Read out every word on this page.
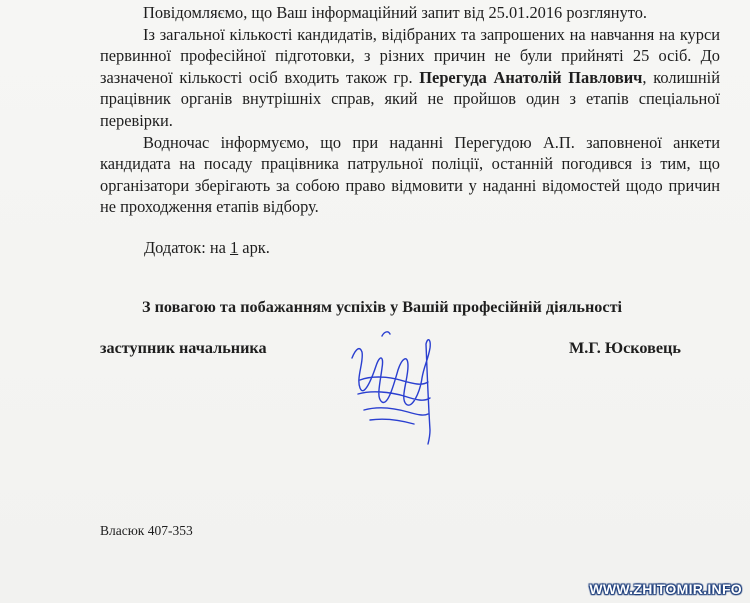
Повідомляємо, що Ваш інформаційний запит від 25.01.2016 розглянуто.

Із загальної кількості кандидатів, відібраних та запрошених на навчання на курси первинної професійної підготовки, з різних причин не були прийняті 25 осіб. До зазначеної кількості осіб входить також гр. Перегуда Анатолій Павлович, колишній працівник органів внутрішніх справ, який не пройшов один з етапів спеціальної перевірки.

Водночас інформуємо, що при наданні Перегудою А.П. заповненої анкети кандидата на посаду працівника патрульної поліції, останній погодився із тим, що організатори зберігають за собою право відмовити у наданні відомостей щодо причин не проходження етапів відбору.

Додаток: на 1 арк.
З повагою та побажанням успіхів у Вашій професійній діяльності
заступник начальника	М.Г. Юсковець
Власюк 407-353
WWW.ZHITOMIR.INFO
